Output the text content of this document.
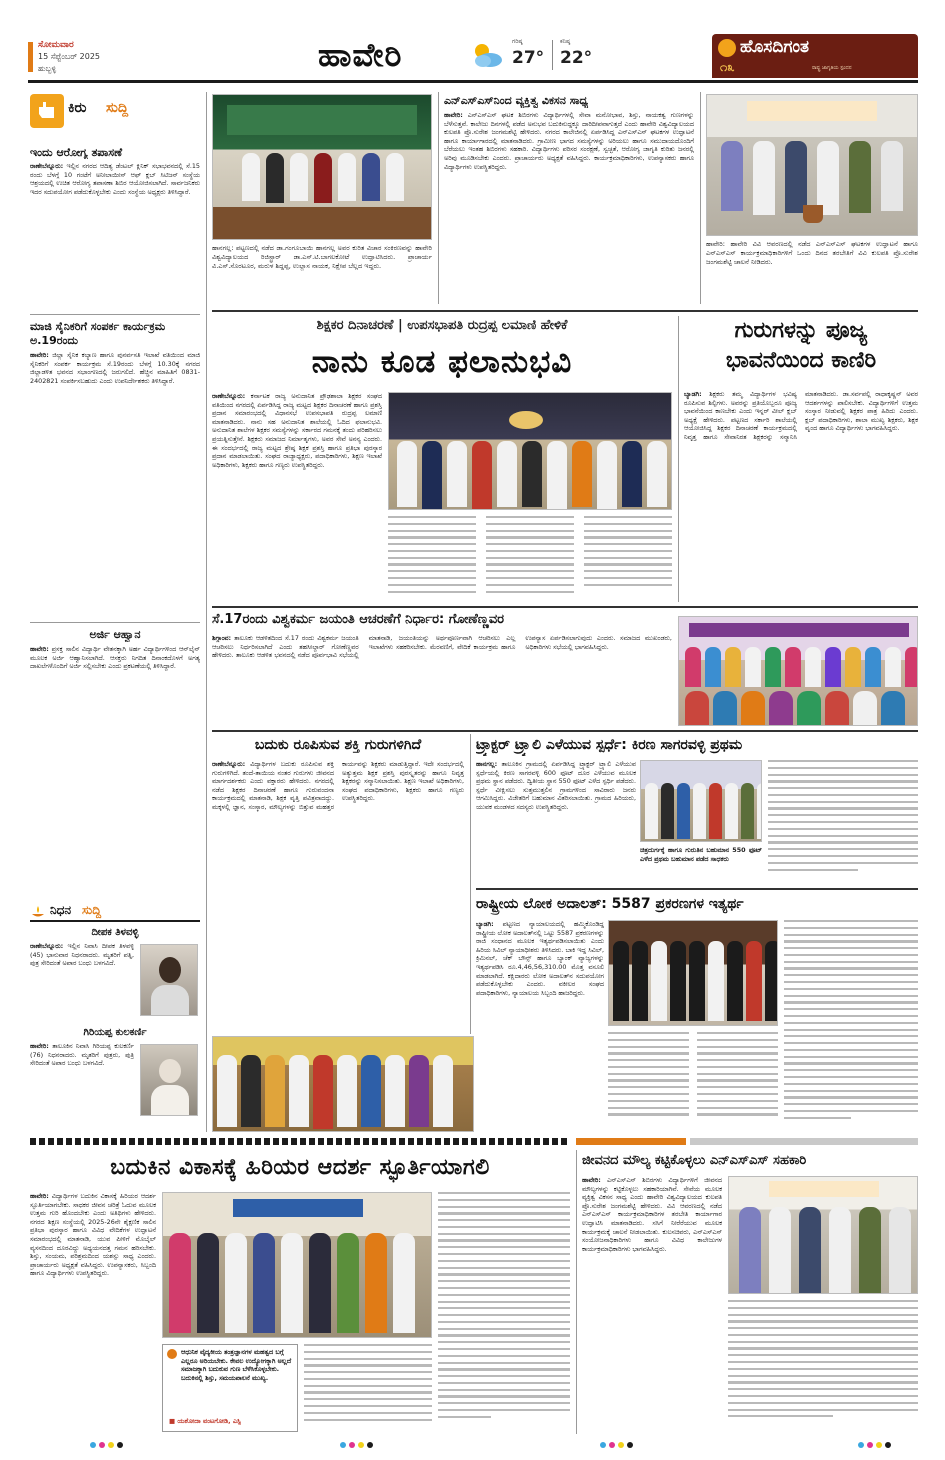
ಸೋಮವಾರ
15 ಸೆಪ್ಟೆಂಬರ್ 2025
ಹುಬ್ಬಳ್ಳಿ	ಹಾವೇರಿ	ಗರಿಷ್ಠ
27°
ಕನಿಷ್ಠ
22°
ಹೊಸದಿಗಂತ
೧೩	ರಾಷ್ಟ್ರ ಜಾಗೃತಿಯ ಸ್ಪಂದನ
ಕಿರು ಸುದ್ದಿ
ಇಂದು ಆರೋಗ್ಯ ತಪಾಸಣೆ
ರಾಣೇಬೆನ್ನೂರು: ಇಲ್ಲಿನ ನಗರದ ಆದಿತ್ಯ ಡೆಂಟಲ್ ಕ್ಲಿನಿಕ್ ಸಭಾಭವನದಲ್ಲಿ ಸೆ.15 ರಂದು ಬೆಳಗ್ಗೆ 10 ಗಂಟೆಗೆ ಅನೀಲಾಯೀಸ್ ಆಫ್ ಕ್ಲಬ್ ಸಿಟಿಜನ್ ಸಂಸ್ಥೆಯ ಆಶ್ರಯದಲ್ಲಿ ಉಚಿತ ಆರೋಗ್ಯ ತಪಾಸಣಾ ಶಿಬಿರ ಆಯೋಜಿಸಲಾಗಿದೆ. ಸಾರ್ವಜನಿಕರು ಇದರ ಸದುಪಯೋಗ ಪಡೆದುಕೊಳ್ಳಬೇಕು ಎಂದು ಸಂಸ್ಥೆಯ ಅಧ್ಯಕ್ಷರು ತಿಳಿಸಿದ್ದಾರೆ.
ಮಾಜಿ ಸೈನಿಕರಿಗೆ ಸಂಪರ್ಕ ಕಾರ್ಯಕ್ರಮ ಅ.19ರಂದು
ಹಾವೇರಿ: ಜಿಲ್ಲಾ ಸೈನಿಕ ಕಲ್ಯಾಣ ಹಾಗೂ ಪುನರ್ವಸತಿ ಇಲಾಖೆ ವತಿಯಿಂದ ಮಾಜಿ ಸೈನಿಕರಿಗೆ ಸಂಪರ್ಕ ಕಾರ್ಯಕ್ರಮ ಸೆ.19ರಂದು ಬೆಳಗ್ಗೆ 10.30ಕ್ಕೆ ನಗರದ ಜಿಲ್ಲಾಡಳಿತ ಭವನದ ಸಭಾಂಗಣದಲ್ಲಿ ಜರುಗಲಿದೆ. ಹೆಚ್ಚಿನ ಮಾಹಿತಿಗೆ 0831-2402821 ಸಂಪರ್ಕಿಸಬಹುದು ಎಂದು ಉಪನಿರ್ದೇಶಕರು ತಿಳಿಸಿದ್ದಾರೆ.
ಅರ್ಜಿ ಆಹ್ವಾನ
ಹಾವೇರಿ: ಪ್ರಸಕ್ತ ಸಾಲಿನ ವಿದ್ಯಾರ್ಥಿ ವೇತನಕ್ಕಾಗಿ ಅರ್ಹ ವಿದ್ಯಾರ್ಥಿಗಳಿಂದ ಆನ್‌ಲೈನ್ ಮೂಲಕ ಅರ್ಜಿ ಆಹ್ವಾನಿಸಲಾಗಿದೆ. ಆಸಕ್ತರು ನಿಗದಿತ ದಿನಾಂಕದೊಳಗೆ ಅಗತ್ಯ ದಾಖಲೆಗಳೊಂದಿಗೆ ಅರ್ಜಿ ಸಲ್ಲಿಸಬೇಕು ಎಂದು ಪ್ರಕಟಣೆಯಲ್ಲಿ ತಿಳಿಸಿದ್ದಾರೆ.
ನಿಧನ ಸುದ್ದಿ
ದೀಪಕ ತಿಳವಳ್ಳಿ
ರಾಣೇಬೆನ್ನೂರು: ಇಲ್ಲಿನ ನಿವಾಸಿ ದೀಪಕ ತಿಳವಳ್ಳಿ (45) ಭಾನುವಾರ ನಿಧನರಾದರು. ಮೃತರಿಗೆ ಪತ್ನಿ, ಪುತ್ರ ಸೇರಿದಂತೆ ಅಪಾರ ಬಂಧು ಬಳಗವಿದೆ.
ಗಿರಿಯಪ್ಪ ಕುಲಕರ್ಣಿ
ಹಾವೇರಿ: ತಾಲೂಕಿನ ನಿವಾಸಿ ಗಿರಿಯಪ್ಪ ಕುಲಕರ್ಣಿ (76) ನಿಧನರಾದರು. ಮೃತರಿಗೆ ಪುತ್ರರು, ಪುತ್ರಿ ಸೇರಿದಂತೆ ಅಪಾರ ಬಂಧು ಬಳಗವಿದೆ.
ಹಾನಗಲ್ಲ: ಪಟ್ಟಣದಲ್ಲಿ ನಡೆದ ಡಾ.ಗಂಗೂಬಾಯಿ ಹಾನಗಲ್ಲ ಅವರ ಕುರಿತ ವಿಚಾರ ಸಂಕಿರಣವನ್ನು ಹಾವೇರಿ ವಿಶ್ವವಿದ್ಯಾಲಯದ ರಿಜಿಸ್ಟ್ರಾರ್ ಡಾ.ಎಸ್.ಟಿ.ಬಾಗಲಕೋಟೆ ಉದ್ಘಾಟಿಸಿದರು. ಪ್ರಾಚಾರ್ಯ ವಿ.ಎಸ್.ಸೊರಟೂರ, ಮರುಳ ಶಿದ್ದಪ್ಪ, ಉಲ್ಲಾಸ ನಾಯಕ, ನಿಕ್ಷೇಪ ಬೆಲ್ಲದ ಇದ್ದರು.
ಎನ್‌ಎಸ್‌ಎಸ್‌ನಿಂದ ವ್ಯಕ್ತಿತ್ವ ವಿಕಸನ ಸಾಧ್ಯ
ಹಾವೇರಿ: ಎನ್‌ಎಸ್‌ಎಸ್ ಘಟಕ ಶಿಬಿರಗಳು ವಿದ್ಯಾರ್ಥಿಗಳಲ್ಲಿ ಸೇವಾ ಮನೋಭಾವ, ಶಿಸ್ತು, ನಾಯಕತ್ವ ಗುಣಗಳನ್ನು ಬೆಳೆಸುತ್ತವೆ. ಕಾಲೇಜು ದಿನಗಳಲ್ಲಿ ಪಡೆದ ಅನುಭವ ಬದುಕಿನುದ್ದಕ್ಕೂ ದಾರಿದೀಪವಾಗುತ್ತದೆ ಎಂದು ಹಾವೇರಿ ವಿಶ್ವವಿದ್ಯಾಲಯದ ಕುಲಪತಿ ಪ್ರೊ.ಸುರೇಶ ಜಂಗಮಶೆಟ್ಟಿ ಹೇಳಿದರು. ನಗರದ ಕಾಲೇಜಿನಲ್ಲಿ ಏರ್ಪಡಿಸಿದ್ದ ಎನ್‌ಎಸ್‌ಎಸ್ ಘಟಕಗಳ ಉದ್ಘಾಟನೆ ಹಾಗೂ ಕಾರ್ಯಾಗಾರದಲ್ಲಿ ಮಾತನಾಡಿದರು. ಗ್ರಾಮೀಣ ಭಾಗದ ಸಮಸ್ಯೆಗಳನ್ನು ಅರಿಯಲು ಹಾಗೂ ಸಮುದಾಯದೊಂದಿಗೆ ಬೆರೆಯಲು ಇಂತಹ ಶಿಬಿರಗಳು ಸಹಕಾರಿ. ವಿದ್ಯಾರ್ಥಿಗಳು ಪರಿಸರ ಸಂರಕ್ಷಣೆ, ಸ್ವಚ್ಛತೆ, ಆರೋಗ್ಯ ಜಾಗೃತಿ ಕುರಿತು ಜನರಲ್ಲಿ ಅರಿವು ಮೂಡಿಸಬೇಕು ಎಂದರು. ಪ್ರಾಚಾರ್ಯರು ಅಧ್ಯಕ್ಷತೆ ವಹಿಸಿದ್ದರು. ಕಾರ್ಯಕ್ರಮಾಧಿಕಾರಿಗಳು, ಉಪನ್ಯಾಸಕರು ಹಾಗೂ ವಿದ್ಯಾರ್ಥಿಗಳು ಉಪಸ್ಥಿತರಿದ್ದರು.
ಹಾವೇರಿ: ಹಾವೇರಿ ವಿವಿ ಆವರಣದಲ್ಲಿ ನಡೆದ ಎನ್‌ಎಸ್‌ಎಸ್ ಘಟಕಗಳ ಉದ್ಘಾಟನೆ ಹಾಗೂ ಎನ್‌ಎಸ್‌ಎಸ್ ಕಾರ್ಯಕ್ರಮಾಧಿಕಾರಿಗಳಿಗೆ ಒಂದು ದಿನದ ತರಬೇತಿಗೆ ವಿವಿ ಕುಲಪತಿ ಪ್ರೊ.ಸುರೇಶ ಜಂಗಮಶೆಟ್ಟಿ ಚಾಲನೆ ನೀಡಿದರು.
ಶಿಕ್ಷಕರ ದಿನಾಚರಣೆ | ಉಪಸಭಾಪತಿ ರುದ್ರಪ್ಪ ಲಮಾಣಿ ಹೇಳಿಕೆ
ನಾನು ಕೂಡ ಫಲಾನುಭವಿ
ರಾಣೇಬೆನ್ನೂರು: ಕರ್ನಾಟಕ ರಾಜ್ಯ ಅನುದಾನಿತ ಪ್ರೌಢಶಾಲಾ ಶಿಕ್ಷಕರ ಸಂಘದ ವತಿಯಿಂದ ನಗರದಲ್ಲಿ ಏರ್ಪಡಿಸಿದ್ದ ರಾಜ್ಯ ಮಟ್ಟದ ಶಿಕ್ಷಕರ ದಿನಾಚರಣೆ ಹಾಗೂ ಪ್ರಶಸ್ತಿ ಪ್ರದಾನ ಸಮಾರಂಭದಲ್ಲಿ ವಿಧಾನಸಭೆ ಉಪಸಭಾಪತಿ ರುದ್ರಪ್ಪ ಲಮಾಣಿ ಮಾತನಾಡಿದರು. ನಾನು ಸಹ ಅನುದಾನಿತ ಶಾಲೆಯಲ್ಲಿ ಓದಿದ ಫಲಾನುಭವಿ. ಅನುದಾನಿತ ಶಾಲೆಗಳ ಶಿಕ್ಷಕರ ಸಮಸ್ಯೆಗಳನ್ನು ಸರ್ಕಾರದ ಗಮನಕ್ಕೆ ತಂದು ಪರಿಹರಿಸಲು ಪ್ರಯತ್ನಿಸುತ್ತೇನೆ. ಶಿಕ್ಷಕರು ಸಮಾಜದ ನಿರ್ಮಾತೃಗಳು, ಅವರ ಸೇವೆ ಅನನ್ಯ ಎಂದರು. ಈ ಸಂದರ್ಭದಲ್ಲಿ ರಾಜ್ಯ ಮಟ್ಟದ ಶ್ರೇಷ್ಠ ಶಿಕ್ಷಕ ಪ್ರಶಸ್ತಿ ಹಾಗೂ ಪ್ರತಿಭಾ ಪುರಸ್ಕಾರ ಪ್ರದಾನ ಮಾಡಲಾಯಿತು. ಸಂಘದ ರಾಜ್ಯಾಧ್ಯಕ್ಷರು, ಪದಾಧಿಕಾರಿಗಳು, ಶಿಕ್ಷಣ ಇಲಾಖೆ ಅಧಿಕಾರಿಗಳು, ಶಿಕ್ಷಕರು ಹಾಗೂ ಗಣ್ಯರು ಉಪಸ್ಥಿತರಿದ್ದರು.
ಗುರುಗಳನ್ನು ಪೂಜ್ಯ ಭಾವನೆಯಿಂದ ಕಾಣಿರಿ
ಬ್ಯಾಡಗಿ: ಶಿಕ್ಷಕರು ತಮ್ಮ ವಿದ್ಯಾರ್ಥಿಗಳ ಭವಿಷ್ಯ ರೂಪಿಸುವ ಶಿಲ್ಪಿಗಳು. ಅವರನ್ನು ಪ್ರತಿಯೊಬ್ಬರೂ ಪೂಜ್ಯ ಭಾವನೆಯಿಂದ ಕಾಣಬೇಕು ಎಂದು ಇನ್ನರ್ ವೀಲ್ ಕ್ಲಬ್ ಅಧ್ಯಕ್ಷೆ ಹೇಳಿದರು. ಪಟ್ಟಣದ ಸರ್ಕಾರಿ ಶಾಲೆಯಲ್ಲಿ ಆಯೋಜಿಸಿದ್ದ ಶಿಕ್ಷಕರ ದಿನಾಚರಣೆ ಕಾರ್ಯಕ್ರಮದಲ್ಲಿ ನಿವೃತ್ತ ಹಾಗೂ ಸೇವಾನಿರತ ಶಿಕ್ಷಕರನ್ನು ಸನ್ಮಾನಿಸಿ ಮಾತನಾಡಿದರು. ಡಾ.ಸರ್ವಪಲ್ಲಿ ರಾಧಾಕೃಷ್ಣನ್ ಅವರ ಆದರ್ಶಗಳನ್ನು ಪಾಲಿಸಬೇಕು. ವಿದ್ಯಾರ್ಥಿಗಳಿಗೆ ಉತ್ತಮ ಸಂಸ್ಕಾರ ನೀಡುವಲ್ಲಿ ಶಿಕ್ಷಕರ ಪಾತ್ರ ಹಿರಿದು ಎಂದರು. ಕ್ಲಬ್ ಪದಾಧಿಕಾರಿಗಳು, ಶಾಲಾ ಮುಖ್ಯ ಶಿಕ್ಷಕರು, ಶಿಕ್ಷಕ ವೃಂದ ಹಾಗೂ ವಿದ್ಯಾರ್ಥಿಗಳು ಭಾಗವಹಿಸಿದ್ದರು.
ಸೆ.17ರಂದು ವಿಶ್ವಕರ್ಮ ಜಯಂತಿ ಆಚರಣೆಗೆ ನಿರ್ಧಾರ: ಗೋಣೆಣ್ಣವರ
ಶಿಗ್ಗಾಂವ: ತಾಲೂಕು ಆಡಳಿತದಿಂದ ಸೆ.17 ರಂದು ವಿಶ್ವಕರ್ಮ ಜಯಂತಿ ಆಚರಿಸಲು ನಿರ್ಧರಿಸಲಾಗಿದೆ ಎಂದು ತಹಸೀಲ್ದಾರ್ ಗೋಣೆಣ್ಣವರ ಹೇಳಿದರು. ತಾಲೂಕು ಆಡಳಿತ ಭವನದಲ್ಲಿ ನಡೆದ ಪೂರ್ವಭಾವಿ ಸಭೆಯಲ್ಲಿ ಮಾತನಾಡಿ, ಜಯಂತಿಯನ್ನು ಅರ್ಥಪೂರ್ಣವಾಗಿ ಆಚರಿಸಲು ಎಲ್ಲ ಇಲಾಖೆಗಳು ಸಹಕರಿಸಬೇಕು. ಮೆರವಣಿಗೆ, ವೇದಿಕೆ ಕಾರ್ಯಕ್ರಮ ಹಾಗೂ ಉಪನ್ಯಾಸ ಏರ್ಪಡಿಸಲಾಗುವುದು ಎಂದರು. ಸಮಾಜದ ಮುಖಂಡರು, ಅಧಿಕಾರಿಗಳು ಸಭೆಯಲ್ಲಿ ಭಾಗವಹಿಸಿದ್ದರು.
ಬದುಕು ರೂಪಿಸುವ ಶಕ್ತಿ ಗುರುಗಳಿಗಿದೆ
ರಾಣೇಬೆನ್ನೂರು: ವಿದ್ಯಾರ್ಥಿಗಳ ಬದುಕು ರೂಪಿಸುವ ಶಕ್ತಿ ಗುರುಗಳಿಗಿದೆ. ತಂದೆ-ತಾಯಿಯ ನಂತರ ಗುರುಗಳು ಜೀವನದ ಮಾರ್ಗದರ್ಶಕರು ಎಂದು ವಕ್ತಾರರು ಹೇಳಿದರು. ನಗರದಲ್ಲಿ ನಡೆದ ಶಿಕ್ಷಕರ ದಿನಾಚರಣೆ ಹಾಗೂ ಗುರುವಂದನಾ ಕಾರ್ಯಕ್ರಮದಲ್ಲಿ ಮಾತನಾಡಿ, ಶಿಕ್ಷಕ ವೃತ್ತಿ ಪವಿತ್ರವಾದದ್ದು. ಮಕ್ಕಳಲ್ಲಿ ಜ್ಞಾನ, ಸಂಸ್ಕಾರ, ಮೌಲ್ಯಗಳನ್ನು ಬಿತ್ತುವ ಮಹತ್ತರ ಕಾರ್ಯವನ್ನು ಶಿಕ್ಷಕರು ಮಾಡುತ್ತಿದ್ದಾರೆ. ಇದೇ ಸಂದರ್ಭದಲ್ಲಿ ಅತ್ಯುತ್ತಮ ಶಿಕ್ಷಕ ಪ್ರಶಸ್ತಿ ಪುರಸ್ಕೃತರನ್ನು ಹಾಗೂ ನಿವೃತ್ತ ಶಿಕ್ಷಕರನ್ನು ಸನ್ಮಾನಿಸಲಾಯಿತು. ಶಿಕ್ಷಣ ಇಲಾಖೆ ಅಧಿಕಾರಿಗಳು, ಸಂಘದ ಪದಾಧಿಕಾರಿಗಳು, ಶಿಕ್ಷಕರು ಹಾಗೂ ಗಣ್ಯರು ಉಪಸ್ಥಿತರಿದ್ದರು.
ಟ್ರ್ಯಾಕ್ಟರ್ ಟ್ರ್ಯಾಲಿ ಎಳೆಯುವ ಸ್ಪರ್ಧೆ: ಕಿರಣ ಸಾಗರವಳ್ಳಿ ಪ್ರಥಮ
ಹಾನಗಲ್ಲ: ತಾಲೂಕಿನ ಗ್ರಾಮದಲ್ಲಿ ಏರ್ಪಡಿಸಿದ್ದ ಟ್ರ್ಯಾಕ್ಟರ್ ಟ್ರ್ಯಾಲಿ ಎಳೆಯುವ ಸ್ಪರ್ಧೆಯಲ್ಲಿ ಕಿರಣ ಸಾಗರವಳ್ಳಿ 600 ಫೂಟ್ ದೂರ ಎಳೆಯುವ ಮೂಲಕ ಪ್ರಥಮ ಸ್ಥಾನ ಪಡೆದರು. ದ್ವಿತೀಯ ಸ್ಥಾನ 550 ಫೂಟ್ ಎಳೆದ ಸ್ಪರ್ಧಿ ಪಡೆದರು. ಸ್ಪರ್ಧೆ ವೀಕ್ಷಿಸಲು ಸುತ್ತಮುತ್ತಲಿನ ಗ್ರಾಮಗಳಿಂದ ಸಾವಿರಾರು ಜನರು ಆಗಮಿಸಿದ್ದರು. ವಿಜೇತರಿಗೆ ಬಹುಮಾನ ವಿತರಿಸಲಾಯಿತು. ಗ್ರಾಮದ ಹಿರಿಯರು, ಯುವಕ ಮಂಡಳದ ಸದಸ್ಯರು ಉಪಸ್ಥಿತರಿದ್ದರು.
ಚಿತ್ರದುರ್ಗಕ್ಕೆ ಹಾಗೂ ಗುರುತಿನ ಬಹುಮಾನ 550 ಫೂಟ್ ಎಳೆದ ಪ್ರಥಮ ಬಹುಮಾನ ಪಡೆದ ಸಾಧಕರು
ರಾಷ್ಟ್ರೀಯ ಲೋಕ ಅದಾಲತ್: 5587 ಪ್ರಕರಣಗಳ ಇತ್ಯರ್ಥ
ಬ್ಯಾಡಗಿ: ಪಟ್ಟಣದ ನ್ಯಾಯಾಲಯದಲ್ಲಿ ಹಮ್ಮಿಕೊಂಡಿದ್ದ ರಾಷ್ಟ್ರೀಯ ಲೋಕ ಅದಾಲತ್‌ನಲ್ಲಿ ಒಟ್ಟು 5587 ಪ್ರಕರಣಗಳನ್ನು ರಾಜಿ ಸಂಧಾನದ ಮೂಲಕ ಇತ್ಯರ್ಥಪಡಿಸಲಾಯಿತು ಎಂದು ಹಿರಿಯ ಸಿವಿಲ್ ನ್ಯಾಯಾಧೀಶರು ತಿಳಿಸಿದರು. ಬಾಕಿ ಇದ್ದ ಸಿವಿಲ್, ಕ್ರಿಮಿನಲ್, ಚೆಕ್ ಬೌನ್ಸ್ ಹಾಗೂ ಬ್ಯಾಂಕ್ ವ್ಯಾಜ್ಯಗಳನ್ನು ಇತ್ಯರ್ಥಪಡಿಸಿ ರೂ.4,46,56,310.00 ಮೊತ್ತ ವಸೂಲಿ ಮಾಡಲಾಗಿದೆ. ಕಕ್ಷಿದಾರರು ಲೋಕ ಅದಾಲತ್‌ನ ಸದುಪಯೋಗ ಪಡೆದುಕೊಳ್ಳಬೇಕು ಎಂದರು. ವಕೀಲರ ಸಂಘದ ಪದಾಧಿಕಾರಿಗಳು, ನ್ಯಾಯಾಲಯ ಸಿಬ್ಬಂದಿ ಹಾಜರಿದ್ದರು.
ಬದುಕಿನ ವಿಕಾಸಕ್ಕೆ ಹಿರಿಯರ ಆದರ್ಶ ಸ್ಫೂರ್ತಿಯಾಗಲಿ
ಹಾವೇರಿ: ವಿದ್ಯಾರ್ಥಿಗಳ ಬದುಕಿನ ವಿಕಾಸಕ್ಕೆ ಹಿರಿಯರ ಆದರ್ಶ ಸ್ಫೂರ್ತಿಯಾಗಬೇಕು. ಸಾಧಕರ ಜೀವನ ಚರಿತ್ರೆ ಓದುವ ಮೂಲಕ ಉತ್ತಮ ಗುರಿ ಹೊಂದಬೇಕು ಎಂದು ಅತಿಥಿಗಳು ಹೇಳಿದರು. ನಗರದ ಶಿಕ್ಷಣ ಸಂಸ್ಥೆಯಲ್ಲಿ 2025-26ನೇ ಶೈಕ್ಷಣಿಕ ಸಾಲಿನ ಪ್ರತಿಭಾ ಪುರಸ್ಕಾರ ಹಾಗೂ ವಿವಿಧ ವೇದಿಕೆಗಳ ಉದ್ಘಾಟನೆ ಸಮಾರಂಭದಲ್ಲಿ ಮಾತನಾಡಿ, ಯುವ ಪೀಳಿಗೆ ಮೊಬೈಲ್ ವ್ಯಸನದಿಂದ ದೂರವಿದ್ದು ಅಧ್ಯಯನದತ್ತ ಗಮನ ಹರಿಸಬೇಕು. ಶಿಸ್ತು, ಸಂಯಮ, ಪರಿಶ್ರಮದಿಂದ ಯಶಸ್ಸು ಸಾಧ್ಯ ಎಂದರು. ಪ್ರಾಚಾರ್ಯರು ಅಧ್ಯಕ್ಷತೆ ವಹಿಸಿದ್ದರು. ಉಪನ್ಯಾಸಕರು, ಸಿಬ್ಬಂದಿ ಹಾಗೂ ವಿದ್ಯಾರ್ಥಿಗಳು ಉಪಸ್ಥಿತರಿದ್ದರು.
ಆಧುನಿಕ ವೈದ್ಯಕೀಯ ತಂತ್ರಜ್ಞಾನಗಳ ಮಹತ್ವದ ಬಗ್ಗೆ ಎಲ್ಲರೂ ಅರಿಯಬೇಕು. ಕೇವಲ ಉದ್ಯೋಗಕ್ಕಾಗಿ ಅಲ್ಲದೆ ಸಮಾಜಕ್ಕಾಗಿ ಬದುಕುವ ಗುಣ ಬೆಳೆಸಿಕೊಳ್ಳಬೇಕು. ಬದುಕಿನಲ್ಲಿ ಶಿಸ್ತು, ಸಮಯಪಾಲನೆ ಮುಖ್ಯ.
■ ಯಶೋದಾ ವಂಟಗೋಡಿ, ಎಸ್ಪಿ
ಜೀವನದ ಮೌಲ್ಯ ಕಟ್ಟಿಕೊಳ್ಳಲು ಎನ್‌ಎಸ್‌ಎಸ್ ಸಹಕಾರಿ
ಹಾವೇರಿ: ಎನ್‌ಎಸ್‌ಎಸ್ ಶಿಬಿರಗಳು ವಿದ್ಯಾರ್ಥಿಗಳಿಗೆ ಜೀವನದ ಮೌಲ್ಯಗಳನ್ನು ಕಟ್ಟಿಕೊಳ್ಳಲು ಸಹಕಾರಿಯಾಗಿವೆ. ಸೇವೆಯ ಮೂಲಕ ವ್ಯಕ್ತಿತ್ವ ವಿಕಸನ ಸಾಧ್ಯ ಎಂದು ಹಾವೇರಿ ವಿಶ್ವವಿದ್ಯಾಲಯದ ಕುಲಪತಿ ಪ್ರೊ.ಸುರೇಶ ಜಂಗಮಶೆಟ್ಟಿ ಹೇಳಿದರು. ವಿವಿ ಆವರಣದಲ್ಲಿ ನಡೆದ ಎನ್‌ಎಸ್‌ಎಸ್ ಕಾರ್ಯಕ್ರಮಾಧಿಕಾರಿಗಳ ತರಬೇತಿ ಕಾರ್ಯಾಗಾರ ಉದ್ಘಾಟಿಸಿ ಮಾತನಾಡಿದರು. ಸಸಿಗೆ ನೀರೆರೆಯುವ ಮೂಲಕ ಕಾರ್ಯಕ್ರಮಕ್ಕೆ ಚಾಲನೆ ನೀಡಲಾಯಿತು. ಕುಲಸಚಿವರು, ಎನ್‌ಎಸ್‌ಎಸ್ ಸಂಯೋಜನಾಧಿಕಾರಿಗಳು ಹಾಗೂ ವಿವಿಧ ಕಾಲೇಜುಗಳ ಕಾರ್ಯಕ್ರಮಾಧಿಕಾರಿಗಳು ಭಾಗವಹಿಸಿದ್ದರು.
